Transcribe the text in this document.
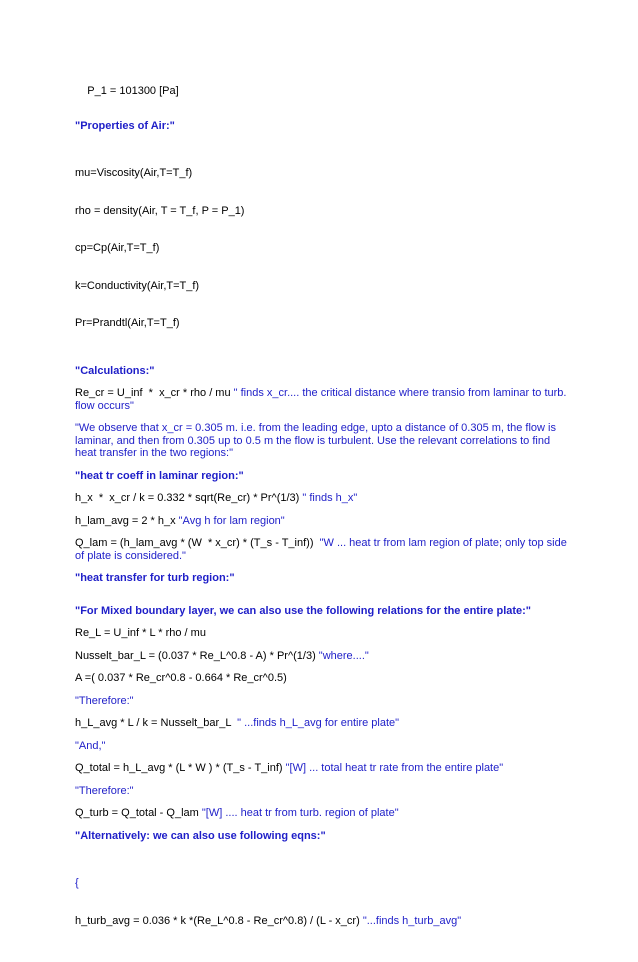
P_1 = 101300 [Pa]

"Properties of Air:"

mu=Viscosity(Air,T=T_f)

rho = density(Air, T = T_f, P = P_1)

cp=Cp(Air,T=T_f)

k=Conductivity(Air,T=T_f)

Pr=Prandtl(Air,T=T_f)

"Calculations:"

Re_cr = U_inf  *  x_cr * rho / mu " finds x_cr.... the critical distance where transio from laminar to turb. flow occurs"

"We observe that x_cr = 0.305 m. i.e. from the leading edge, upto a distance of 0.305 m, the flow is laminar, and then from 0.305 up to 0.5 m the flow is turbulent. Use the relevant correlations to find heat transfer in the two regions:"

"heat tr coeff in laminar region:"

h_x  *  x_cr / k = 0.332 * sqrt(Re_cr) * Pr^(1/3) " finds h_x"

h_lam_avg = 2 * h_x "Avg h for lam region"

Q_lam = (h_lam_avg * (W  * x_cr) * (T_s - T_inf))  "W ... heat tr from lam region of plate; only top side of plate is considered."

"heat transfer for turb region:"

"For Mixed boundary layer, we can also use the following relations for the entire plate:"

Re_L = U_inf * L * rho / mu

Nusselt_bar_L = (0.037 * Re_L^0.8 - A) * Pr^(1/3) "where...."

A =( 0.037 * Re_cr^0.8 - 0.664 * Re_cr^0.5)

"Therefore:"

h_L_avg * L / k = Nusselt_bar_L  " ...finds h_L_avg for entire plate"

"And,"

Q_total = h_L_avg * (L * W ) * (T_s - T_inf) "[W] ... total heat tr rate from the entire plate"

"Therefore:"

Q_turb = Q_total - Q_lam "[W] .... heat tr from turb. region of plate"

"Alternatively: we can also use following eqns:"

{

h_turb_avg = 0.036 * k *(Re_L^0.8 - Re_cr^0.8) / (L - x_cr) "...finds h_turb_avg"
